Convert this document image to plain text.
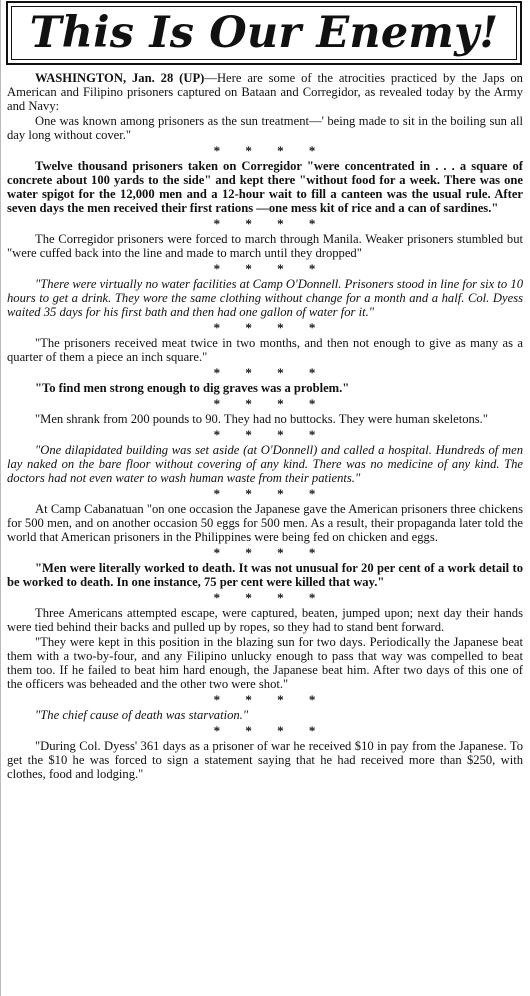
This Is Our Enemy!

WASHINGTON, Jan. 28 (UP)—Here are some of the atrocities practiced by the Japs on American and Filipino prisoners captured on Bataan and Corregidor, as revealed today by the Army and Navy:

One was known among prisoners as the sun treatment—' being made to sit in the boiling sun all day long without cover."

* * * *

Twelve thousand prisoners taken on Corregidor "were concentrated in . . . a square of concrete about 100 yards to the side" and kept there "without food for a week. There was one water spigot for the 12,000 men and a 12-hour wait to fill a canteen was the usual rule. After seven days the men received their first rations —one mess kit of rice and a can of sardines."

* * * *

The Corregidor prisoners were forced to march through Manila. Weaker prisoners stumbled but "were cuffed back into the line and made to march until they dropped"

* * * *

"There were virtually no water facilities at Camp O'Donnell. Prisoners stood in line for six to 10 hours to get a drink. They wore the same clothing without change for a month and a half. Col. Dyess waited 35 days for his first bath and then had one gallon of water for it."

* * * *

"The prisoners received meat twice in two months, and then not enough to give as many as a quarter of them a piece an inch square."

* * * *

"To find men strong enough to dig graves was a problem."

* * * *

"Men shrank from 200 pounds to 90. They had no buttocks. They were human skeletons."

* * * *

"One dilapidated building was set aside (at O'Donnell) and called a hospital. Hundreds of men lay naked on the bare floor without covering of any kind. There was no medicine of any kind. The doctors had not even water to wash human waste from their patients."

* * * *

At Camp Cabanatuan "on one occasion the Japanese gave the American prisoners three chickens for 500 men, and on another occasion 50 eggs for 500 men. As a result, their propaganda later told the world that American prisoners in the Philippines were being fed on chicken and eggs.

* * * *

"Men were literally worked to death. It was not unusual for 20 per cent of a work detail to be worked to death. In one instance, 75 per cent were killed that way."

* * * *

Three Americans attempted escape, were captured, beaten, jumped upon; next day their hands were tied behind their backs and pulled up by ropes, so they had to stand bent forward.

"They were kept in this position in the blazing sun for two days. Periodically the Japanese beat them with a two-by-four, and any Filipino unlucky enough to pass that way was compelled to beat them too. If he failed to beat him hard enough, the Japanese beat him. After two days of this one of the officers was beheaded and the other two were shot."

* * * *

"The chief cause of death was starvation."

* * * *

"During Col. Dyess' 361 days as a prisoner of war he received $10 in pay from the Japanese. To get the $10 he was forced to sign a statement saying that he had received more than $250, with clothes, food and lodging."
